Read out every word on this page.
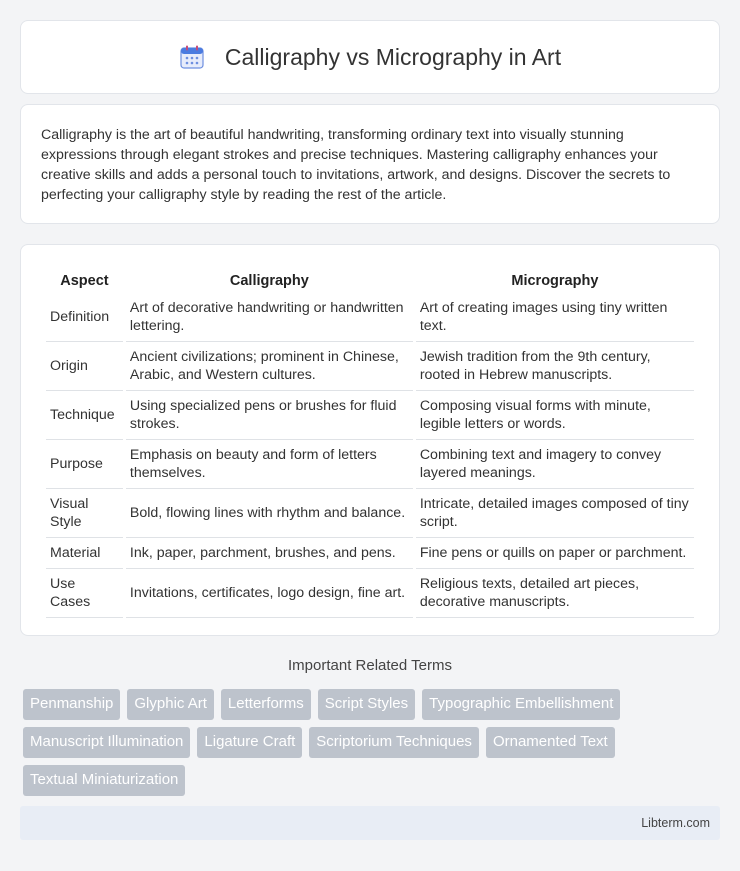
Calligraphy vs Micrography in Art

Calligraphy is the art of beautiful handwriting, transforming ordinary text into visually stunning expressions through elegant strokes and precise techniques. Mastering calligraphy enhances your creative skills and adds a personal touch to invitations, artwork, and designs. Discover the secrets to perfecting your calligraphy style by reading the rest of the article.

Aspect	Calligraphy	Micrography
Definition	Art of decorative handwriting or handwritten lettering.	Art of creating images using tiny written text.
Origin	Ancient civilizations; prominent in Chinese, Arabic, and Western cultures.	Jewish tradition from the 9th century, rooted in Hebrew manuscripts.
Technique	Using specialized pens or brushes for fluid strokes.	Composing visual forms with minute, legible letters or words.
Purpose	Emphasis on beauty and form of letters themselves.	Combining text and imagery to convey layered meanings.
Visual Style	Bold, flowing lines with rhythm and balance.	Intricate, detailed images composed of tiny script.
Material	Ink, paper, parchment, brushes, and pens.	Fine pens or quills on paper or parchment.
Use Cases	Invitations, certificates, logo design, fine art.	Religious texts, detailed art pieces, decorative manuscripts.
Important Related Terms
Penmanship	Glyphic Art	Letterforms	Script Styles	Typographic Embellishment
Manuscript Illumination	Ligature Craft	Scriptorium Techniques	Ornamented Text
Textual Miniaturization
Libterm.com
